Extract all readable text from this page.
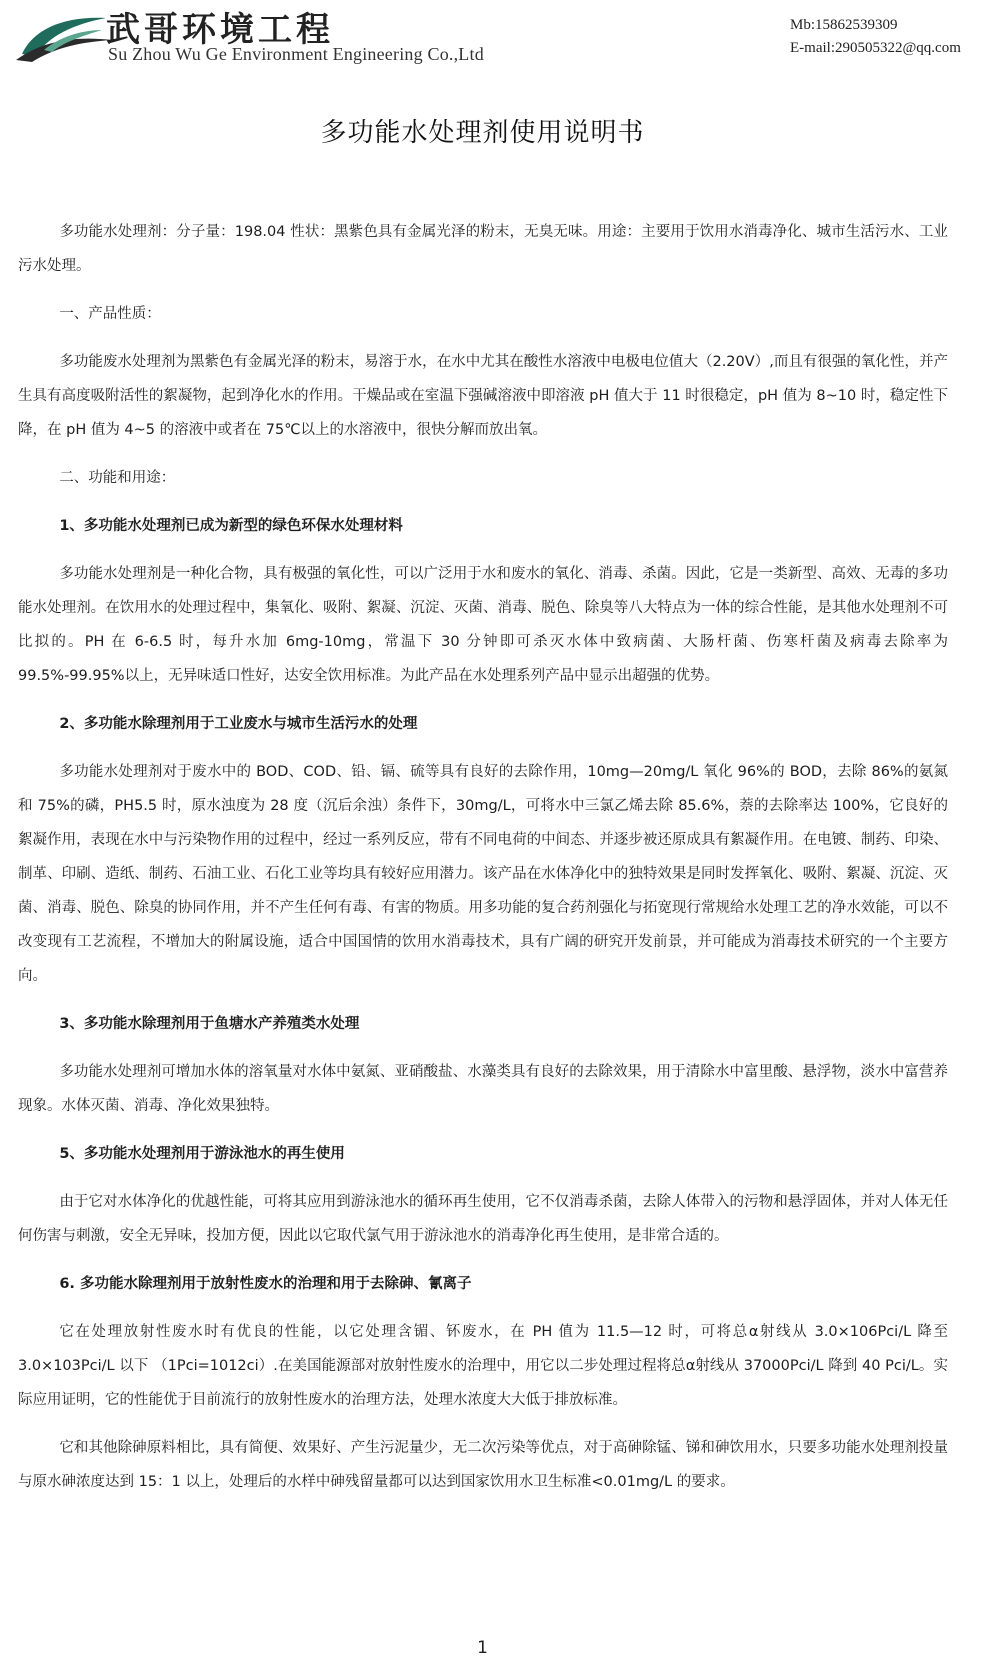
武哥环境工程
Su Zhou Wu Ge Environment Engineering Co.,Ltd
Mb:15862539309
E-mail:290505322@qq.com
多功能水处理剂使用说明书

多功能水处理剂：分子量：198.04 性状：黑紫色具有金属光泽的粉末，无臭无味。用途：主要用于饮用水消毒净化、城市生活污水、工业污水处理。

一、产品性质：

多功能废水处理剂为黑紫色有金属光泽的粉末，易溶于水，在水中尤其在酸性水溶液中电极电位值大（2.20V）,而且有很强的氧化性，并产生具有高度吸附活性的絮凝物，起到净化水的作用。干燥品或在室温下强碱溶液中即溶液 pH 值大于 11 时很稳定，pH 值为 8~10 时，稳定性下降，在 pH 值为 4~5 的溶液中或者在 75℃以上的水溶液中，很快分解而放出氧。

二、功能和用途：

1、多功能水处理剂已成为新型的绿色环保水处理材料

多功能水处理剂是一种化合物，具有极强的氧化性，可以广泛用于水和废水的氧化、消毒、杀菌。因此，它是一类新型、高效、无毒的多功能水处理剂。在饮用水的处理过程中，集氧化、吸附、絮凝、沉淀、灭菌、消毒、脱色、除臭等八大特点为一体的综合性能，是其他水处理剂不可比拟的。PH 在 6-6.5 时，每升水加 6mg-10mg，常温下 30 分钟即可杀灭水体中致病菌、大肠杆菌、伤寒杆菌及病毒去除率为 99.5%-99.95%以上，无异味适口性好，达安全饮用标准。为此产品在水处理系列产品中显示出超强的优势。

2、多功能水除理剂用于工业废水与城市生活污水的处理

多功能水处理剂对于废水中的 BOD、COD、铅、镉、硫等具有良好的去除作用，10mg—20mg/L 氧化 96%的 BOD，去除 86%的氨氮和 75%的磷，PH5.5 时，原水浊度为 28 度（沉后余浊）条件下，30mg/L，可将水中三氯乙烯去除 85.6%，萘的去除率达 100%，它良好的絮凝作用，表现在水中与污染物作用的过程中，经过一系列反应，带有不同电荷的中间态、并逐步被还原成具有絮凝作用。在电镀、制药、印染、制革、印刷、造纸、制药、石油工业、石化工业等均具有较好应用潜力。该产品在水体净化中的独特效果是同时发挥氧化、吸附、絮凝、沉淀、灭菌、消毒、脱色、除臭的协同作用，并不产生任何有毒、有害的物质。用多功能的复合药剂强化与拓宽现行常规给水处理工艺的净水效能，可以不改变现有工艺流程，不增加大的附属设施，适合中国国情的饮用水消毒技术，具有广阔的研究开发前景，并可能成为消毒技术研究的一个主要方向。

3、多功能水除理剂用于鱼塘水产养殖类水处理

多功能水处理剂可增加水体的溶氧量对水体中氨氮、亚硝酸盐、水藻类具有良好的去除效果，用于清除水中富里酸、悬浮物，淡水中富营养现象。水体灭菌、消毒、净化效果独特。

5、多功能水处理剂用于游泳池水的再生使用

由于它对水体净化的优越性能，可将其应用到游泳池水的循环再生使用，它不仅消毒杀菌，去除人体带入的污物和悬浮固体，并对人体无任何伤害与刺激，安全无异味，投加方便，因此以它取代氯气用于游泳池水的消毒净化再生使用，是非常合适的。

6. 多功能水除理剂用于放射性废水的治理和用于去除砷、氰离子

它在处理放射性废水时有优良的性能，以它处理含镅、钚废水，在 PH 值为 11.5—12 时，可将总α射线从 3.0×106Pci/L 降至 3.0×103Pci/L 以下 （1Pci=1012ci）.在美国能源部对放射性废水的治理中，用它以二步处理过程将总α射线从 37000Pci/L 降到 40 Pci/L。实际应用证明，它的性能优于目前流行的放射性废水的治理方法，处理水浓度大大低于排放标准。

它和其他除砷原料相比，具有简便、效果好、产生污泥量少，无二次污染等优点，对于高砷除锰、锑和砷饮用水，只要多功能水处理剂投量与原水砷浓度达到 15：1 以上，处理后的水样中砷残留量都可以达到国家饮用水卫生标准<0.01mg/L 的要求。

1
